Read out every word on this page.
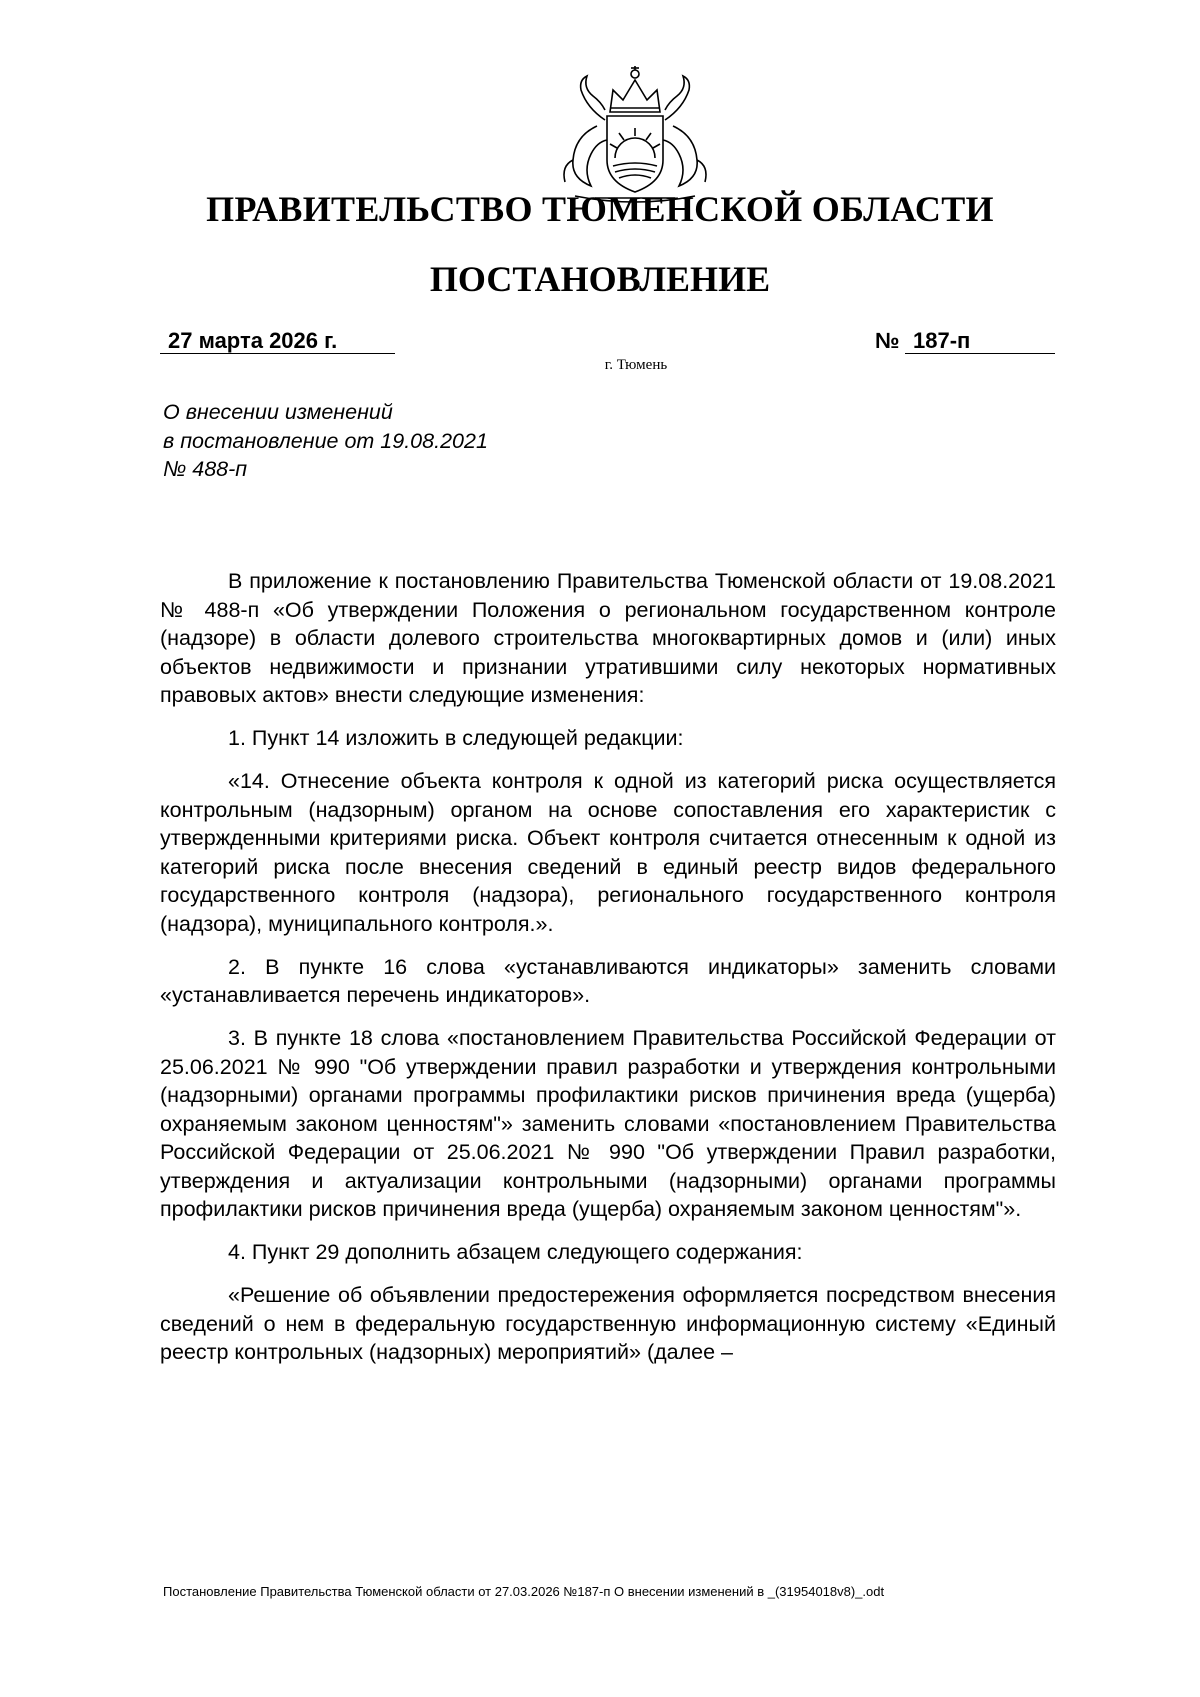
ПРАВИТЕЛЬСТВО ТЮМЕНСКОЙ ОБЛАСТИ
ПОСТАНОВЛЕНИЕ
27 марта 2026 г.	№ 187-п
г. Тюмень
О внесении изменений
в постановление от 19.08.2021
№ 488-п

В приложение к постановлению Правительства Тюменской области от 19.08.2021 № 488-п «Об утверждении Положения о региональном государственном контроле (надзоре) в области долевого строительства многоквартирных домов и (или) иных объектов недвижимости и признании утратившими силу некоторых нормативных правовых актов» внести следующие изменения:

1. Пункт 14 изложить в следующей редакции:

«14. Отнесение объекта контроля к одной из категорий риска осуществляется контрольным (надзорным) органом на основе сопоставления его характеристик с утвержденными критериями риска. Объект контроля считается отнесенным к одной из категорий риска после внесения сведений в единый реестр видов федерального государственного контроля (надзора), регионального государственного контроля (надзора), муниципального контроля.».

2. В пункте 16 слова «устанавливаются индикаторы» заменить словами «устанавливается перечень индикаторов».

3. В пункте 18 слова «постановлением Правительства Российской Федерации от 25.06.2021 № 990 "Об утверждении правил разработки и утверждения контрольными (надзорными) органами программы профилактики рисков причинения вреда (ущерба) охраняемым законом ценностям"» заменить словами «постановлением Правительства Российской Федерации от 25.06.2021 № 990 "Об утверждении Правил разработки, утверждения и актуализации контрольными (надзорными) органами программы профилактики рисков причинения вреда (ущерба) охраняемым законом ценностям"».

4. Пункт 29 дополнить абзацем следующего содержания:

«Решение об объявлении предостережения оформляется посредством внесения сведений о нем в федеральную государственную информационную систему «Единый реестр контрольных (надзорных) мероприятий» (далее –

Постановление Правительства Тюменской области от 27.03.2026 №187-п О внесении изменений в _(31954018v8)_.odt
